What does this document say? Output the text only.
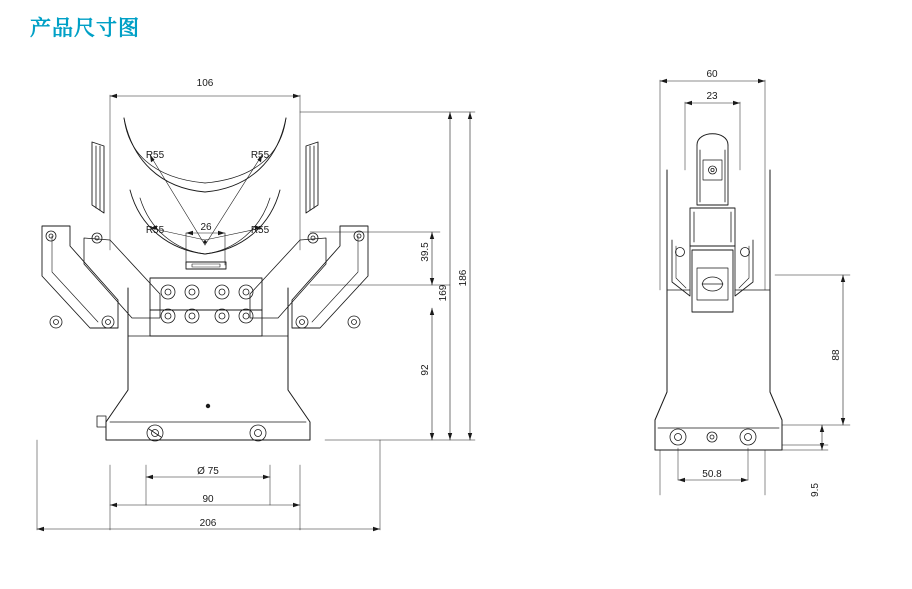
产品尺寸图
106
R55	R55
R55	R55
26
39.5
169
186
92
Ø 75
90
206
60
23
88
50.8
9.5
